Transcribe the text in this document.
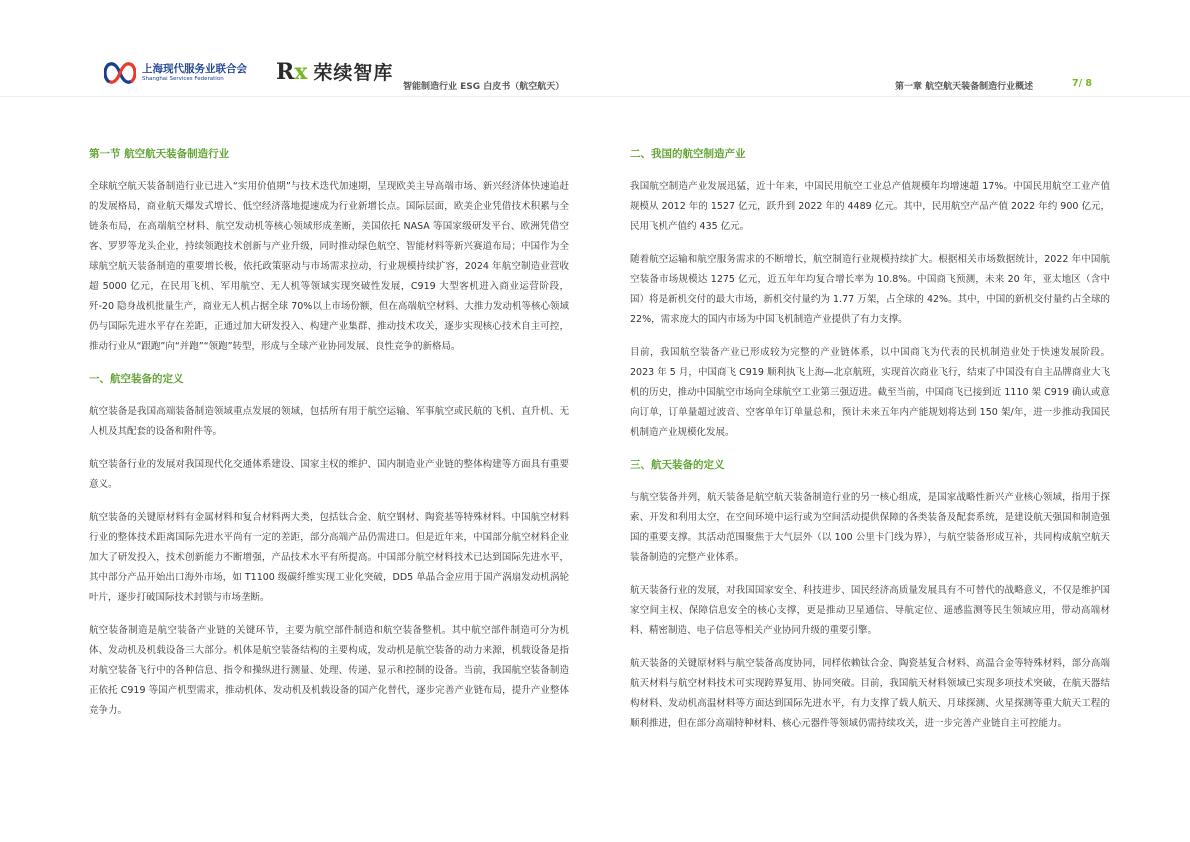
上海现代服务业联合会
Shanghai Services Federation	Rx 荣续智库
智能制造行业 ESG 白皮书（航空航天）	第一章 航空航天装备制造行业概述	7/ 8
第一节 航空航天装备制造行业

全球航空航天装备制造行业已进入“实用价值期”与技术迭代加速期，呈现欧美主导高端市场、新兴经济体快速追赶的发展格局，商业航天爆发式增长、低空经济落地提速成为行业新增长点。国际层面，欧美企业凭借技术积累与全链条布局，在高端航空材料、航空发动机等核心领域形成垄断，美国依托 NASA 等国家级研发平台、欧洲凭借空客、罗罗等龙头企业，持续领跑技术创新与产业升级，同时推动绿色航空、智能材料等新兴赛道布局；中国作为全球航空航天装备制造的重要增长极，依托政策驱动与市场需求拉动，行业规模持续扩容，2024 年航空制造业营收超 5000 亿元，在民用飞机、军用航空、无人机等领域实现突破性发展，C919 大型客机进入商业运营阶段，歼-20 隐身战机批量生产，商业无人机占据全球 70%以上市场份额，但在高端航空材料、大推力发动机等核心领域仍与国际先进水平存在差距，正通过加大研发投入、构建产业集群、推动技术攻关，逐步实现核心技术自主可控，推动行业从“跟跑”向“并跑”“领跑”转型，形成与全球产业协同发展、良性竞争的新格局。

一、航空装备的定义

航空装备是我国高端装备制造领域重点发展的领域，包括所有用于航空运输、军事航空或民航的飞机、直升机、无人机及其配套的设备和附件等。

航空装备行业的发展对我国现代化交通体系建设、国家主权的维护、国内制造业产业链的整体构建等方面具有重要意义。

航空装备的关键原材料有金属材料和复合材料两大类，包括钛合金、航空钢材、陶瓷基等特殊材料。中国航空材料行业的整体技术距离国际先进水平尚有一定的差距，部分高端产品仍需进口。但是近年来，中国部分航空材料企业加大了研发投入，技术创新能力不断增强，产品技术水平有所提高。中国部分航空材料技术已达到国际先进水平，其中部分产品开始出口海外市场，如 T1100 级碳纤维实现工业化突破，DD5 单晶合金应用于国产涡扇发动机涡轮叶片，逐步打破国际技术封锁与市场垄断。

航空装备制造是航空装备产业链的关键环节，主要为航空部件制造和航空装备整机。其中航空部件制造可分为机体、发动机及机载设备三大部分。机体是航空装备结构的主要构成，发动机是航空装备的动力来源，机载设备是指对航空装备飞行中的各种信息、指令和操纵进行测量、处理、传递、显示和控制的设备。当前，我国航空装备制造正依托 C919 等国产机型需求，推动机体、发动机及机载设备的国产化替代，逐步完善产业链布局，提升产业整体竞争力。

二、我国的航空制造产业

我国航空制造产业发展迅猛，近十年来，中国民用航空工业总产值规模年均增速超 17%。中国民用航空工业产值规模从 2012 年的 1527 亿元，跃升到 2022 年的 4489 亿元。其中，民用航空产品产值 2022 年约 900 亿元，民用飞机产值约 435 亿元。

随着航空运输和航空服务需求的不断增长，航空制造行业规模持续扩大。根据相关市场数据统计，2022 年中国航空装备市场规模达 1275 亿元，近五年年均复合增长率为 10.8%。中国商飞预测，未来 20 年，亚太地区（含中国）将是新机交付的最大市场，新机交付量约为 1.77 万架，占全球的 42%。其中，中国的新机交付量约占全球的 22%，需求庞大的国内市场为中国飞机制造产业提供了有力支撑。

目前，我国航空装备产业已形成较为完整的产业链体系，以中国商飞为代表的民机制造业处于快速发展阶段。2023 年 5 月，中国商飞 C919 顺利执飞上海—北京航班，实现首次商业飞行，结束了中国没有自主品牌商业大飞机的历史，推动中国航空市场向全球航空工业第三强迈进。截至当前，中国商飞已接到近 1110 架 C919 确认或意向订单，订单量超过波音、空客单年订单量总和，预计未来五年内产能规划将达到 150 架/年，进一步推动我国民机制造产业规模化发展。

三、航天装备的定义

与航空装备并列，航天装备是航空航天装备制造行业的另一核心组成，是国家战略性新兴产业核心领域，指用于探索、开发和利用太空，在空间环境中运行或为空间活动提供保障的各类装备及配套系统，是建设航天强国和制造强国的重要支撑。其活动范围聚焦于大气层外（以 100 公里卡门线为界），与航空装备形成互补，共同构成航空航天装备制造的完整产业体系。

航天装备行业的发展，对我国国家安全、科技进步、国民经济高质量发展具有不可替代的战略意义，不仅是维护国家空间主权、保障信息安全的核心支撑，更是推动卫星通信、导航定位、遥感监测等民生领域应用，带动高端材料、精密制造、电子信息等相关产业协同升级的重要引擎。

航天装备的关键原材料与航空装备高度协同，同样依赖钛合金、陶瓷基复合材料、高温合金等特殊材料，部分高端航天材料与航空材料技术可实现跨界复用、协同突破。目前，我国航天材料领域已实现多项技术突破，在航天器结构材料、发动机高温材料等方面达到国际先进水平，有力支撑了载人航天、月球探测、火星探测等重大航天工程的顺利推进，但在部分高端特种材料、核心元器件等领域仍需持续攻关，进一步完善产业链自主可控能力。
